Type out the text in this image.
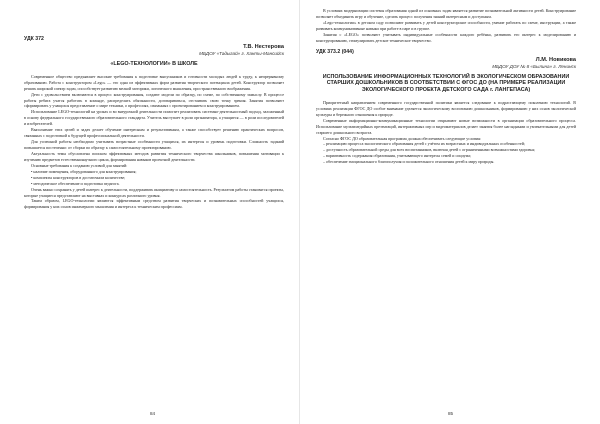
УДК 372

Т.В. Нестерова

МБДОУ «Тадыгай» г. Ханты-Мансийск

«LEGO-ТЕХНОЛОГИИ» В ШКОЛЕ

Современное общество предъявляет высокие требования к подготовке выпускников и готовности молодых людей к труду, к непрерывному образованию. Работа с конструктором «Lego» — это одна из эффективных форм развития творческого потенциала детей. Конструктор позволяет решать широкий спектр задач, способствует развитию мелкой моторики, логического мышления, пространственного воображения.

Дети с удовольствием включаются в процесс конструирования, создают модели по образцу, по схеме, по собственному замыслу. В процессе работы ребята учатся работать в команде, распределять обязанности, договариваться, отстаивать свою точку зрения. Занятия позволяют сформировать у учащихся представление о мире техники, о профессиях, связанных с проектированием и конструированием.

Использование LEGO-технологий на уроках и во внеурочной деятельности помогает реализовать системно-деятельностный подход, заложенный в основу федерального государственного образовательного стандарта. Учитель выступает в роли организатора, а учащиеся — в роли исследователей и изобретателей.

Выполнение этих целей и задач делает обучение интересным и результативным, а также способствует решению практических вопросов, связанных с подготовкой к будущей профессиональной деятельности.

Для успешной работы необходимо учитывать возрастные особенности учащихся, их интересы и уровень подготовки. Сложность заданий повышается постепенно: от сборки по образцу к самостоятельному проектированию.

Актуальность темы обусловлена поиском эффективных методов развития технического творчества школьников, повышения мотивации к изучению предметов естественнонаучного цикла, формирования навыков проектной деятельности.

Основные требования к созданию условий для занятий:

• наличие помещения, оборудованного для конструирования;

• комплекты конструкторов в достаточном количестве;

• методическое обеспечение и подготовка педагога.

Очень важно сохранять у детей интерес к деятельности, поддерживать инициативу и самостоятельность. Результатом работы становятся проекты, которые учащиеся представляют на выставках и конкурсах различного уровня.

Таким образом, LEGO-технологии являются эффективным средством развития творческих и познавательных способностей учащихся, формирования у них основ инженерного мышления и интереса к техническим профессиям.

84

В условиях модернизации системы образования одной из основных задач является развитие познавательной активности детей. Конструирование позволяет объединить игру и обучение, сделать процесс получения знаний интересным и доступным.

«Lego-технологии» в детском саду позволяют развивать у детей конструкторские способности, умение работать по схеме, инструкции, а также развивать коммуникативные навыки при работе в паре и в группе.

Занятия с «LEGO» позволяют учитывать индивидуальные особенности каждого ребёнка, развивать его интерес к моделированию и конструированию, стимулировать детское техническое творчество.

УДК 373.2 (044)

Л.М. Новикова

МБДОУ ДОУ № 8 «Былина» г. Ленинск

ИСПОЛЬЗОВАНИЕ ИНФОРМАЦИОННЫХ ТЕХНОЛОГИЙ В ЭКОЛОГИЧЕСКОМ ОБРАЗОВАНИИ СТАРШИХ ДОШКОЛЬНИКОВ В СООТВЕТСТВИИ С ФГОС ДО (НА ПРИМЕРЕ РЕАЛИЗАЦИИ ЭКОЛОГИЧЕСКОГО ПРОЕКТА ДЕТСКОГО САДА г. ЛАНГЕПАСА)

Приоритетный направлением современного государственной политики является следование к подрастающему поколению технологий. В условиях реализации ФГОС ДО особое внимание уделяется экологическому воспитанию дошкольников, формированию у них основ экологической культуры и бережного отношения к природе.

Современные информационно-коммуникационные технологии открывают новые возможности в организации образовательного процесса. Использование мультимедийных презентаций, интерактивных игр и видеоматериалов делает занятия более наглядными и увлекательными для детей старшего дошкольного возраста.

Согласно ФГОС ДО образовательная программа должна обеспечивать следующие условия:

– реализацию процесса экологического образования детей с учётом их возрастных и индивидуальных особенностей;

– доступность образовательной среды для всех воспитанников, включая детей с ограниченными возможностями здоровья;

– вариативность содержания образования, учитывающего интересы семей и социума;

– обеспечение эмоционального благополучия и положительного отношения детей к миру природы.

85
